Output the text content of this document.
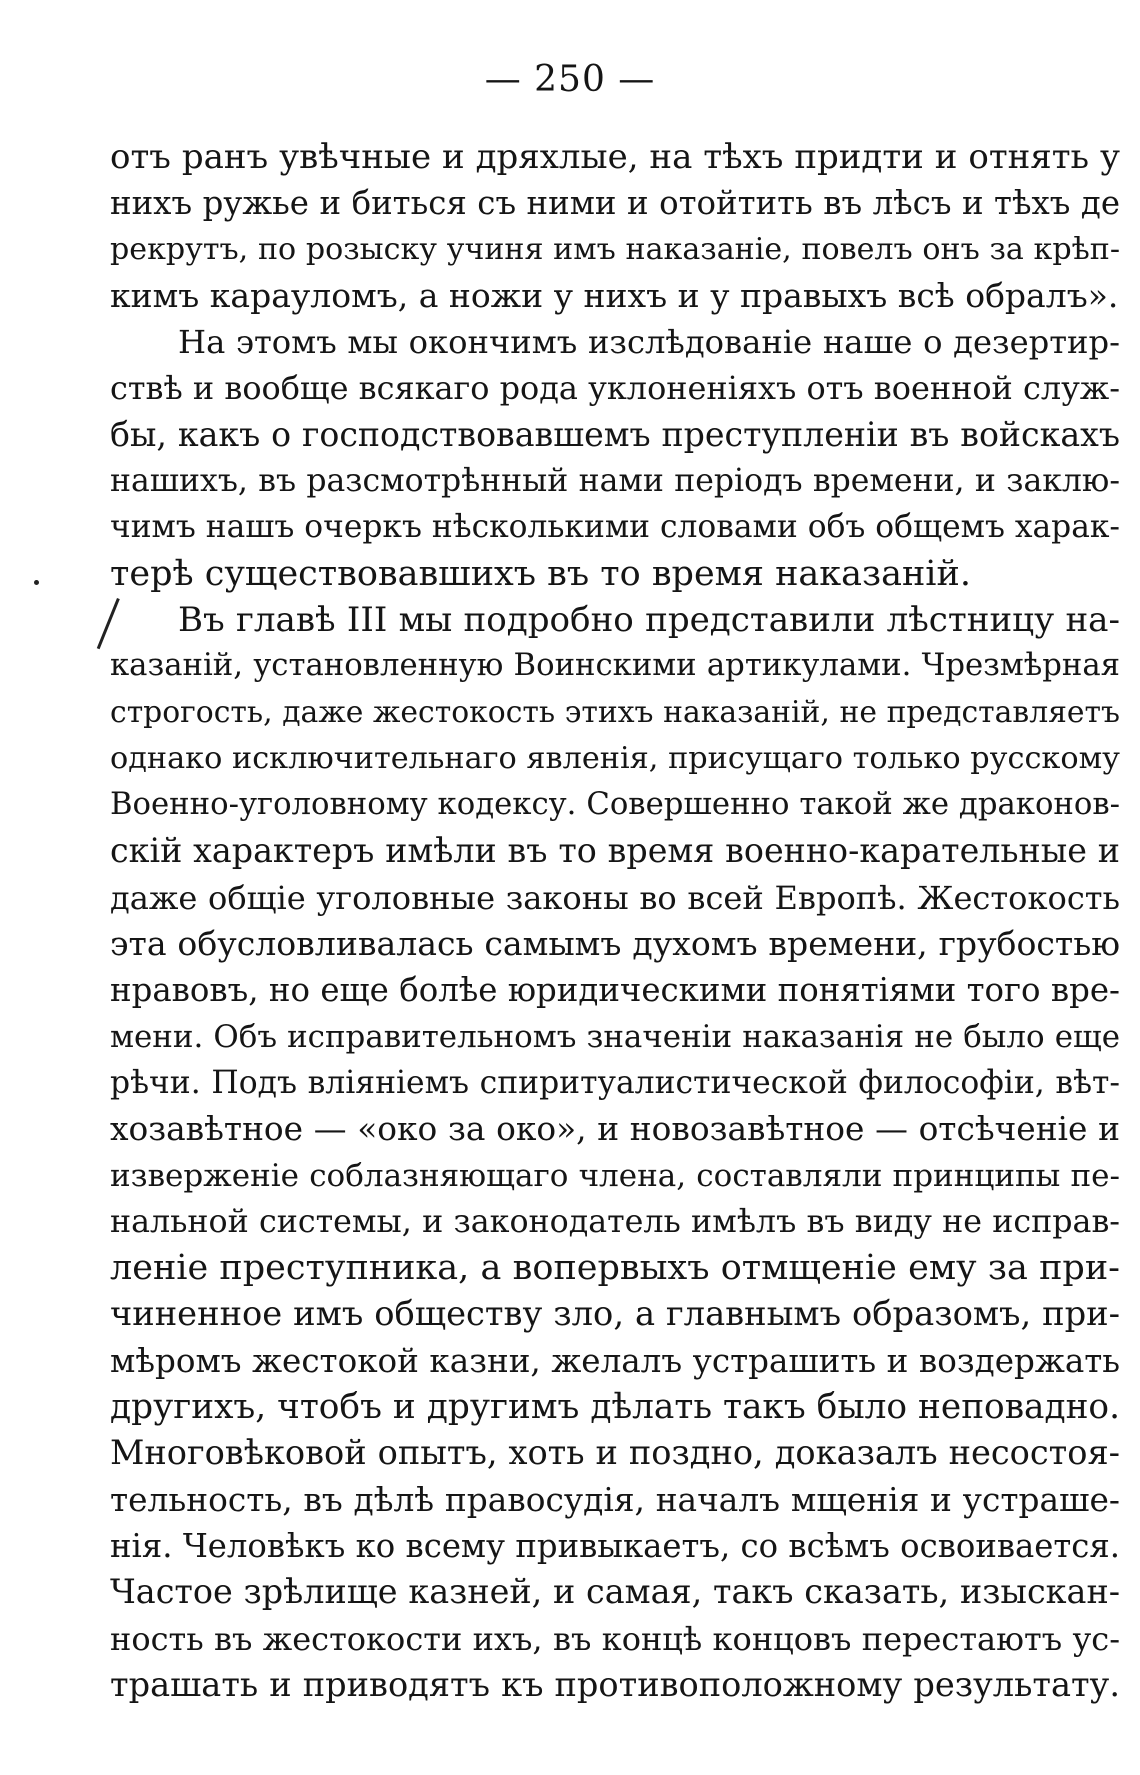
— 250 —
отъ ранъ увѣчные и дряхлые, на тѣхъ придти и отнять у
нихъ ружье и биться съ ними и отойтить въ лѣсъ и тѣхъ де
рекрутъ, по розыску учиня имъ наказаніе, повелъ онъ за крѣп-
кимъ карауломъ, а ножи у нихъ и у правыхъ всѣ обралъ».
На этомъ мы окончимъ изслѣдованіе наше о дезертир-
ствѣ и вообще всякаго рода уклоненіяхъ отъ военной служ-
бы, какъ о господствовавшемъ преступленіи въ войскахъ
нашихъ, въ разсмотрѣнный нами періодъ времени, и заклю-
чимъ нашъ очеркъ нѣсколькими словами объ общемъ харак-
терѣ существовавшихъ въ то время наказаній.
Въ главѣ III мы подробно представили лѣстницу на-
казаній, установленную Воинскими артикулами. Чрезмѣрная
строгость, даже жестокость этихъ наказаній, не представляетъ
однако исключительнаго явленія, присущаго только русскому
Военно-уголовному кодексу. Совершенно такой же драконов-
скій характеръ имѣли въ то время военно-карательные и
даже общіе уголовные законы во всей Европѣ. Жестокость
эта обусловливалась самымъ духомъ времени, грубостью
нравовъ, но еще болѣе юридическими понятіями того вре-
мени. Объ исправительномъ значеніи наказанія не было еще
рѣчи. Подъ вліяніемъ спиритуалистической философіи, вѣт-
хозавѣтное — «око за око», и новозавѣтное — отсѣченіе и
изверженіе соблазняющаго члена, составляли принципы пе-
нальной системы, и законодатель имѣлъ въ виду не исправ-
леніе преступника, а вопервыхъ отмщеніе ему за при-
чиненное имъ обществу зло, а главнымъ образомъ, при-
мѣромъ жестокой казни, желалъ устрашить и воздержать
другихъ, чтобъ и другимъ дѣлать такъ было неповадно.
Многовѣковой опытъ, хоть и поздно, доказалъ несостоя-
тельность, въ дѣлѣ правосудія, началъ мщенія и устраше-
нія. Человѣкъ ко всему привыкаетъ, со всѣмъ освоивается.
Частое зрѣлище казней, и самая, такъ сказать, изыскан-
ность въ жестокости ихъ, въ концѣ концовъ перестаютъ ус-
трашать и приводятъ къ противоположному результату.
